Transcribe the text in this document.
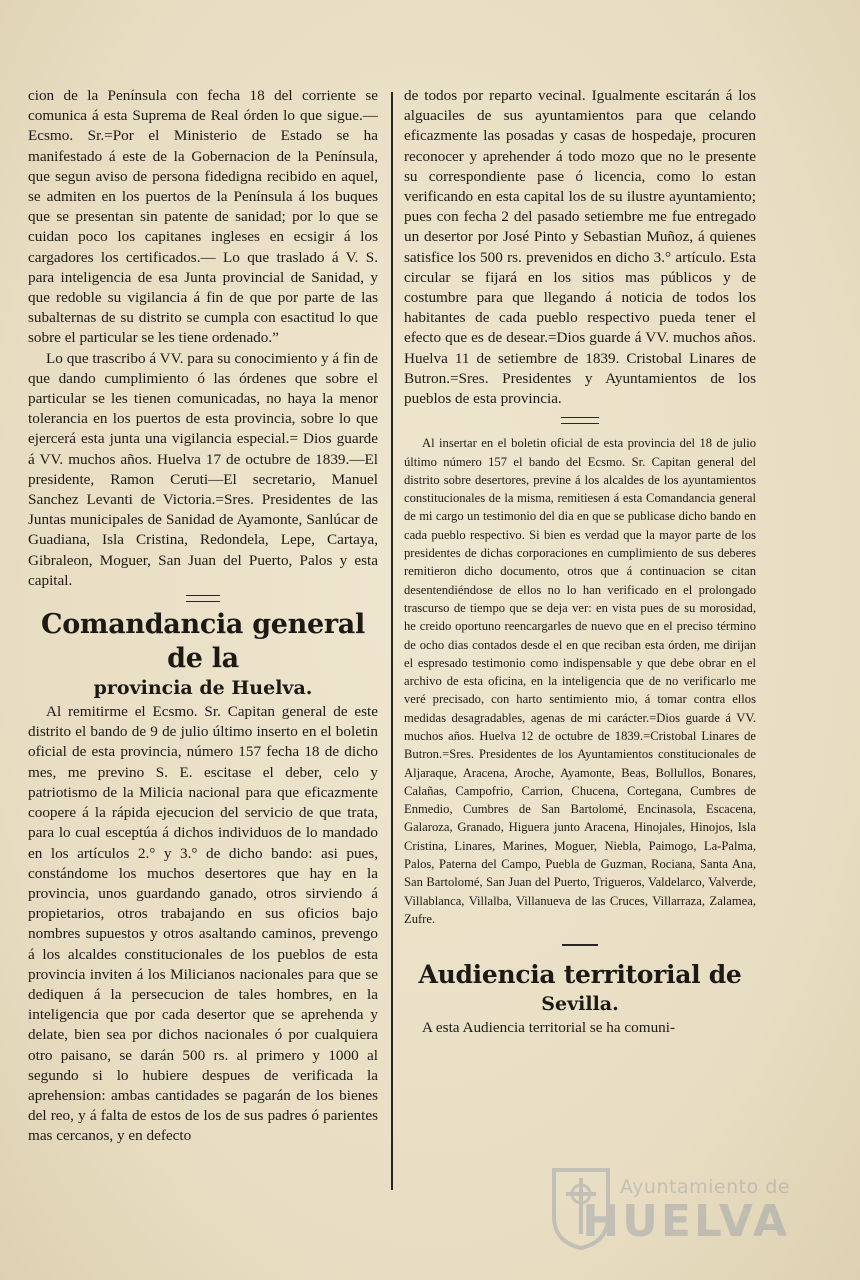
cion de la Península con fecha 18 del corriente se comunica á esta Suprema de Real órden lo que sigue.—Ecsmo. Sr.=Por el Ministerio de Estado se ha manifestado á este de la Gobernacion de la Península, que segun aviso de persona fidedigna recibido en aquel, se admiten en los puertos de la Península á los buques que se presentan sin patente de sanidad; por lo que se cuidan poco los capitanes ingleses en ecsigir á los cargadores los certificados.— Lo que traslado á V. S. para inteligencia de esa Junta provincial de Sanidad, y que redoble su vigilancia á fin de que por parte de las subalternas de su distrito se cumpla con esactitud lo que sobre el particular se les tiene ordenado.”

Lo que trascribo á VV. para su conocimiento y á fin de que dando cumplimiento ó las órdenes que sobre el particular se les tienen comunicadas, no haya la menor tolerancia en los puertos de esta provincia, sobre lo que ejercerá esta junta una vigilancia especial.= Dios guarde á VV. muchos años. Huelva 17 de octubre de 1839.—El presidente, Ramon Ceruti—El secretario, Manuel Sanchez Levanti de Victoria.=Sres. Presidentes de las Juntas municipales de Sanidad de Ayamonte, Sanlúcar de Guadiana, Isla Cristina, Redondela, Lepe, Cartaya, Gibraleon, Moguer, San Juan del Puerto, Palos y esta capital.

Comandancia general de la
provincia de Huelva.

Al remitirme el Ecsmo. Sr. Capitan general de este distrito el bando de 9 de julio último inserto en el boletin oficial de esta provincia, número 157 fecha 18 de dicho mes, me previno S. E. escitase el deber, celo y patriotismo de la Milicia nacional para que eficazmente coopere á la rápida ejecucion del servicio de que trata, para lo cual esceptúa á dichos individuos de lo mandado en los artículos 2.° y 3.° de dicho bando: asi pues, constándome los muchos desertores que hay en la provincia, unos guardando ganado, otros sirviendo á propietarios, otros trabajando en sus oficios bajo nombres supuestos y otros asaltando caminos, prevengo á los alcaldes constitucionales de los pueblos de esta provincia inviten á los Milicianos nacionales para que se dediquen á la persecucion de tales hombres, en la inteligencia que por cada desertor que se aprehenda y delate, bien sea por dichos nacionales ó por cualquiera otro paisano, se darán 500 rs. al primero y 1000 al segundo si lo hubiere despues de verificada la aprehension: ambas cantidades se pagarán de los bienes del reo, y á falta de estos de los de sus padres ó parientes mas cercanos, y en defecto

de todos por reparto vecinal. Igualmente escitarán á los alguaciles de sus ayuntamientos para que celando eficazmente las posadas y casas de hospedaje, procuren reconocer y aprehender á todo mozo que no le presente su correspondiente pase ó licencia, como lo estan verificando en esta capital los de su ilustre ayuntamiento; pues con fecha 2 del pasado setiembre me fue entregado un desertor por José Pinto y Sebastian Muñoz, á quienes satisfice los 500 rs. prevenidos en dicho 3.° artículo. Esta circular se fijará en los sitios mas públicos y de costumbre para que llegando á noticia de todos los habitantes de cada pueblo respectivo pueda tener el efecto que es de desear.=Dios guarde á VV. muchos años. Huelva 11 de setiembre de 1839. Cristobal Linares de Butron.=Sres. Presidentes y Ayuntamientos de los pueblos de esta provincia.

Al insertar en el boletin oficial de esta provincia del 18 de julio último número 157 el bando del Ecsmo. Sr. Capitan general del distrito sobre desertores, previne á los alcaldes de los ayuntamientos constitucionales de la misma, remitiesen á esta Comandancia general de mi cargo un testimonio del dia en que se publicase dicho bando en cada pueblo respectivo. Si bien es verdad que la mayor parte de los presidentes de dichas corporaciones en cumplimiento de sus deberes remitieron dicho documento, otros que á continuacion se citan desentendiéndose de ellos no lo han verificado en el prolongado trascurso de tiempo que se deja ver: en vista pues de su morosidad, he creido oportuno reencargarles de nuevo que en el preciso término de ocho dias contados desde el en que reciban esta órden, me dirijan el espresado testimonio como indispensable y que debe obrar en el archivo de esta oficina, en la inteligencia que de no verificarlo me veré precisado, con harto sentimiento mio, á tomar contra ellos medidas desagradables, agenas de mi carácter.=Dios guarde á VV. muchos años. Huelva 12 de octubre de 1839.=Cristobal Linares de Butron.=Sres. Presidentes de los Ayuntamientos constitucionales de Aljaraque, Aracena, Aroche, Ayamonte, Beas, Bollullos, Bonares, Calañas, Campofrio, Carrion, Chucena, Cortegana, Cumbres de Enmedio, Cumbres de San Bartolomé, Encinasola, Escacena, Galaroza, Granado, Higuera junto Aracena, Hinojales, Hinojos, Isla Cristina, Linares, Marines, Moguer, Niebla, Paimogo, La-Palma, Palos, Paterna del Campo, Puebla de Guzman, Rociana, Santa Ana, San Bartolomé, San Juan del Puerto, Trigueros, Valdelarco, Valverde, Villablanca, Villalba, Villanueva de las Cruces, Villarraza, Zalamea, Zufre.

Audiencia territorial de
Sevilla.

A esta Audiencia territorial se ha comuni-

Ayuntamiento de
HUELVA
